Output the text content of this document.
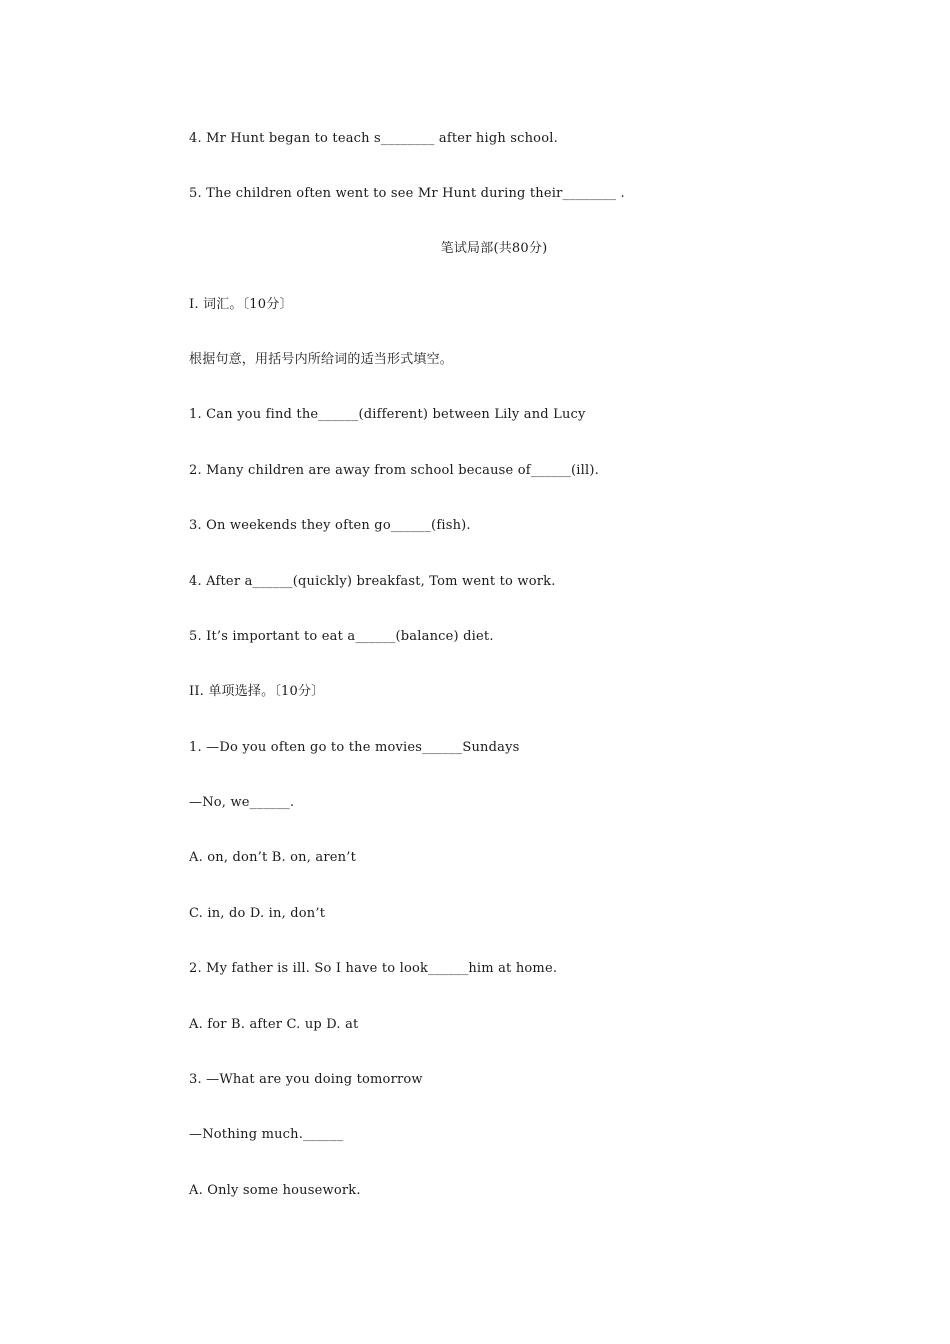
4. Mr Hunt began to teach s________ after high school.
5. The children often went to see Mr Hunt during their________ .
笔试局部(共80分)
I. 词汇。〔10分〕
根据句意，用括号内所给词的适当形式填空。
1. Can you find the______(different) between Lily and Lucy
2. Many children are away from school because of______(ill).
3. On weekends they often go______(fish).
4. After a______(quickly) breakfast, Tom went to work.
5. It’s important to eat a______(balance) diet.
II. 单项选择。〔10分〕
1. —Do you often go to the movies______Sundays
—No, we______.
A. on, don’t B. on, aren’t
C. in, do D. in, don’t
2. My father is ill. So I have to look______him at home.
A. for B. after C. up D. at
3. —What are you doing tomorrow
—Nothing much.______
A. Only some housework.
